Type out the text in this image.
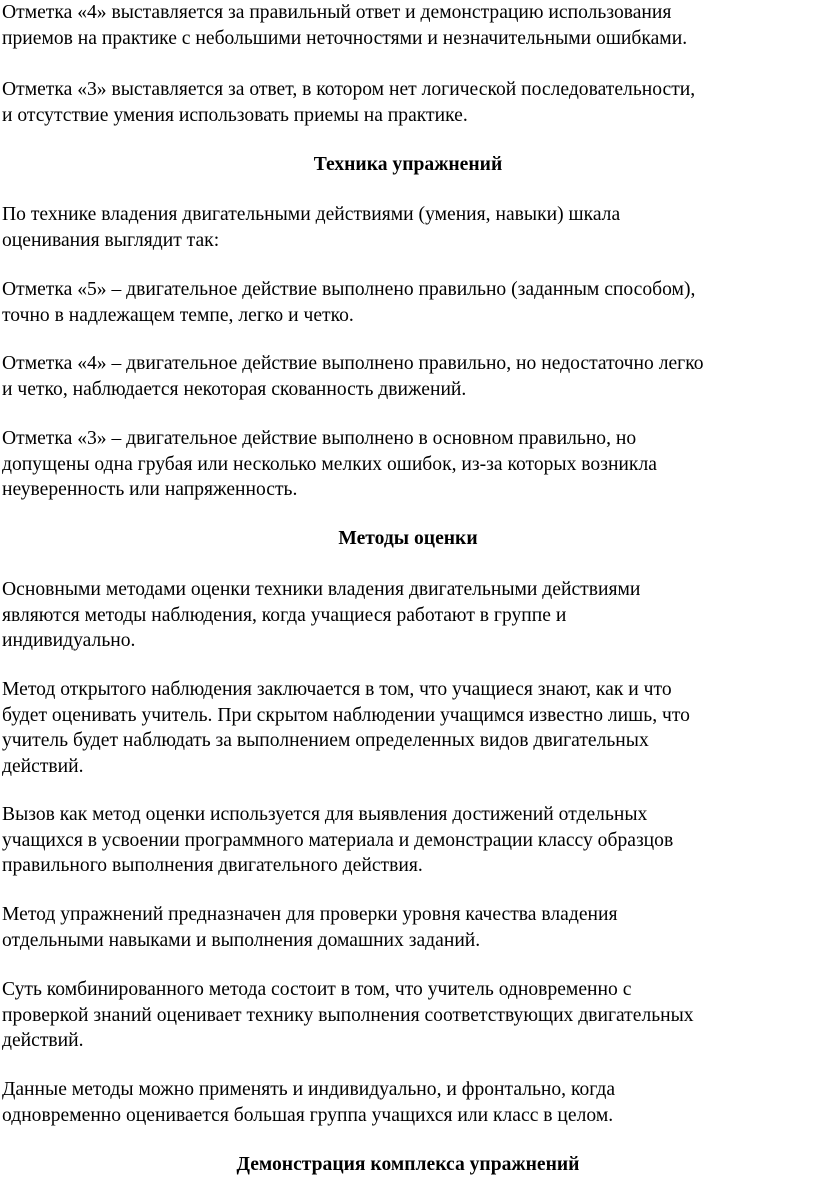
Отметка «4» выставляется за правильный ответ и демонстрацию использования
приемов на практике с небольшими неточностями и незначительными ошибками.

Отметка «3» выставляется за ответ, в котором нет логической последовательности,
и отсутствие умения использовать приемы на практике.

Техника упражнений

По технике владения двигательными действиями (умения, навыки) шкала
оценивания выглядит так:

Отметка «5» – двигательное действие выполнено правильно (заданным способом),
точно в надлежащем темпе, легко и четко.

Отметка «4» – двигательное действие выполнено правильно, но недостаточно легко
и четко, наблюдается некоторая скованность движений.

Отметка «3» – двигательное действие выполнено в основном правильно, но
допущены одна грубая или несколько мелких ошибок, из-за которых возникла
неуверенность или напряженность.

Методы оценки

Основными методами оценки техники владения двигательными действиями
являются методы наблюдения, когда учащиеся работают в группе и
индивидуально.

Метод открытого наблюдения заключается в том, что учащиеся знают, как и что
будет оценивать учитель. При скрытом наблюдении учащимся известно лишь, что
учитель будет наблюдать за выполнением определенных видов двигательных
действий.

Вызов как метод оценки используется для выявления достижений отдельных
учащихся в усвоении программного материала и демонстрации классу образцов
правильного выполнения двигательного действия.

Метод упражнений предназначен для проверки уровня качества владения
отдельными навыками и выполнения домашних заданий.

Суть комбинированного метода состоит в том, что учитель одновременно с
проверкой знаний оценивает технику выполнения соответствующих двигательных
действий.

Данные методы можно применять и индивидуально, и фронтально, когда
одновременно оценивается большая группа учащихся или класс в целом.

Демонстрация комплекса упражнений
